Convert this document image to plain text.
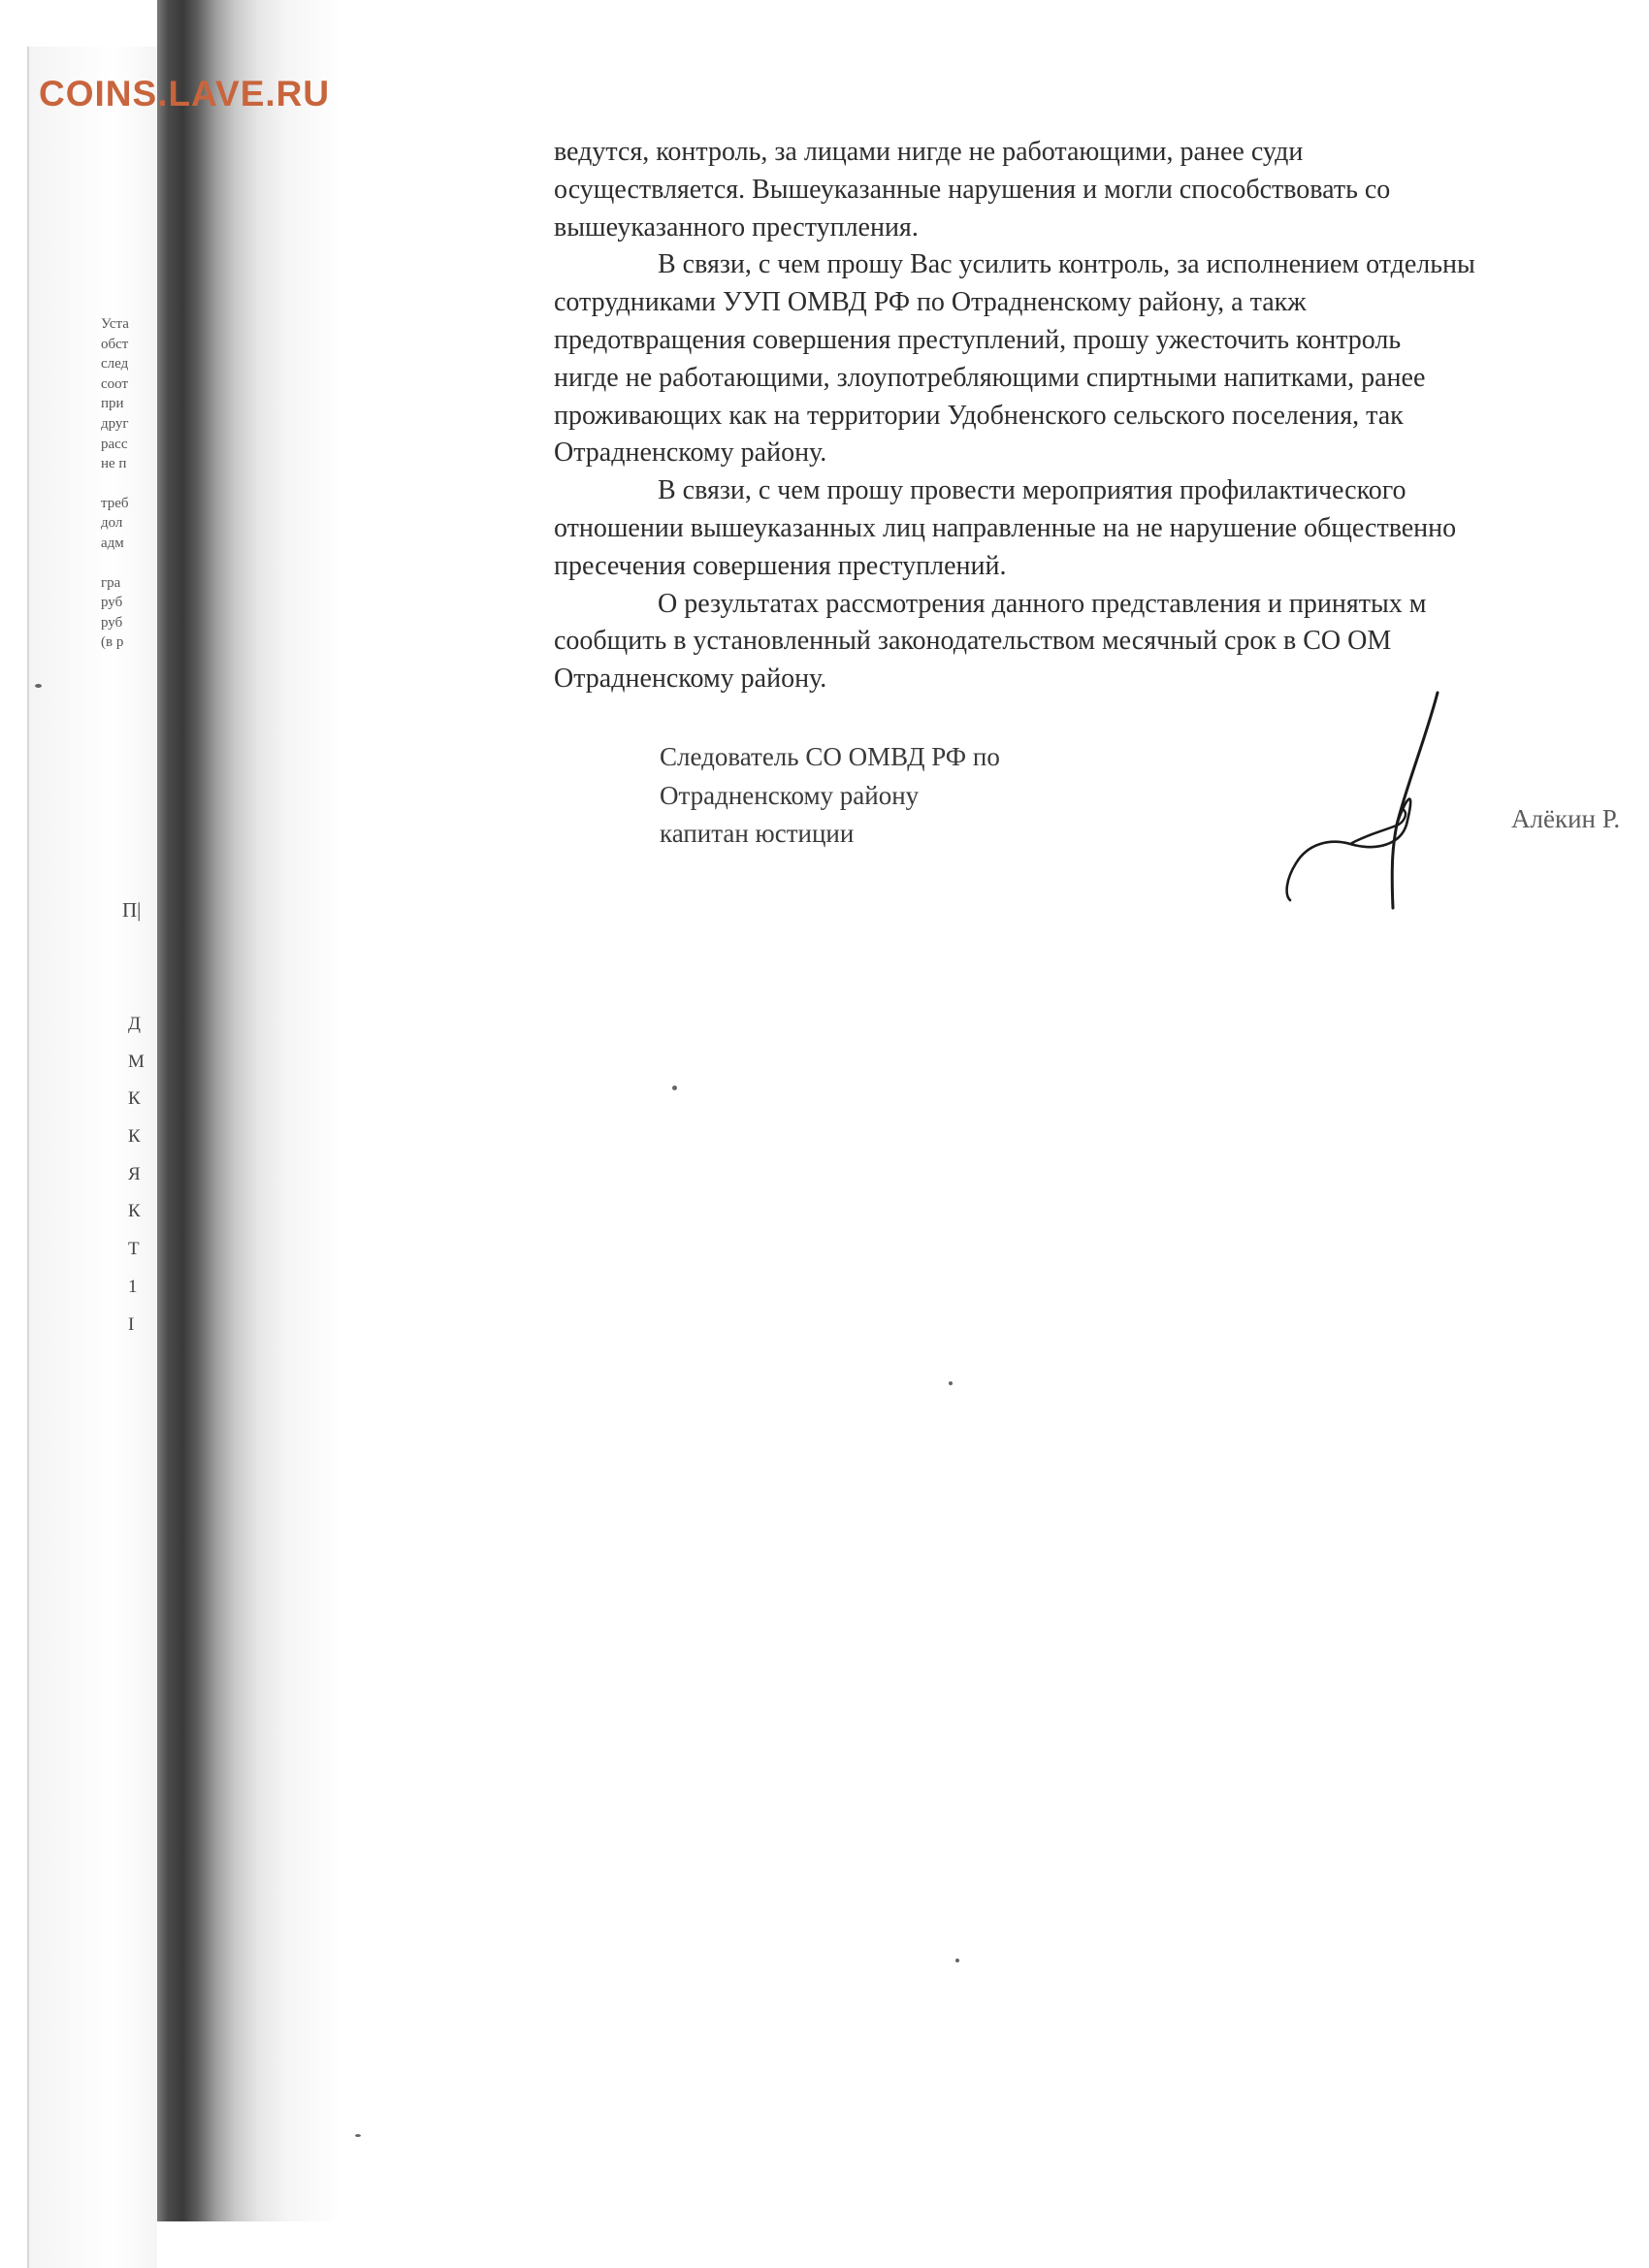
Уста
обст
след
соот
при
друг
расс
не п
треб
дол
адм
гра
руб
руб
(в р
П|
Д
М
К
К
Я
К
Т
1
І
COINS.LAVE.RU
ведутся, контроль, за лицами нигде не работающими, ранее суди
осуществляется. Вышеуказанные нарушения и могли способствовать со
вышеуказанного преступления.
В связи, с чем прошу Вас усилить контроль, за исполнением отдельны
сотрудниками УУП ОМВД РФ по Отрадненскому району, а такж
предотвращения совершения преступлений, прошу ужесточить контроль
нигде не работающими, злоупотребляющими спиртными напитками, ранее
проживающих как на территории Удобненского сельского поселения, так
Отрадненскому району.
В связи, с чем прошу провести мероприятия профилактического
отношении вышеуказанных лиц направленные на не нарушение общественно
пресечения совершения преступлений.
О результатах рассмотрения данного представления и принятых м
сообщить в установленный законодательством месячный срок в СО ОМ
Отрадненскому району.
Следователь СО ОМВД РФ по
Отрадненскому району
капитан юстиции	Алёкин Р.
